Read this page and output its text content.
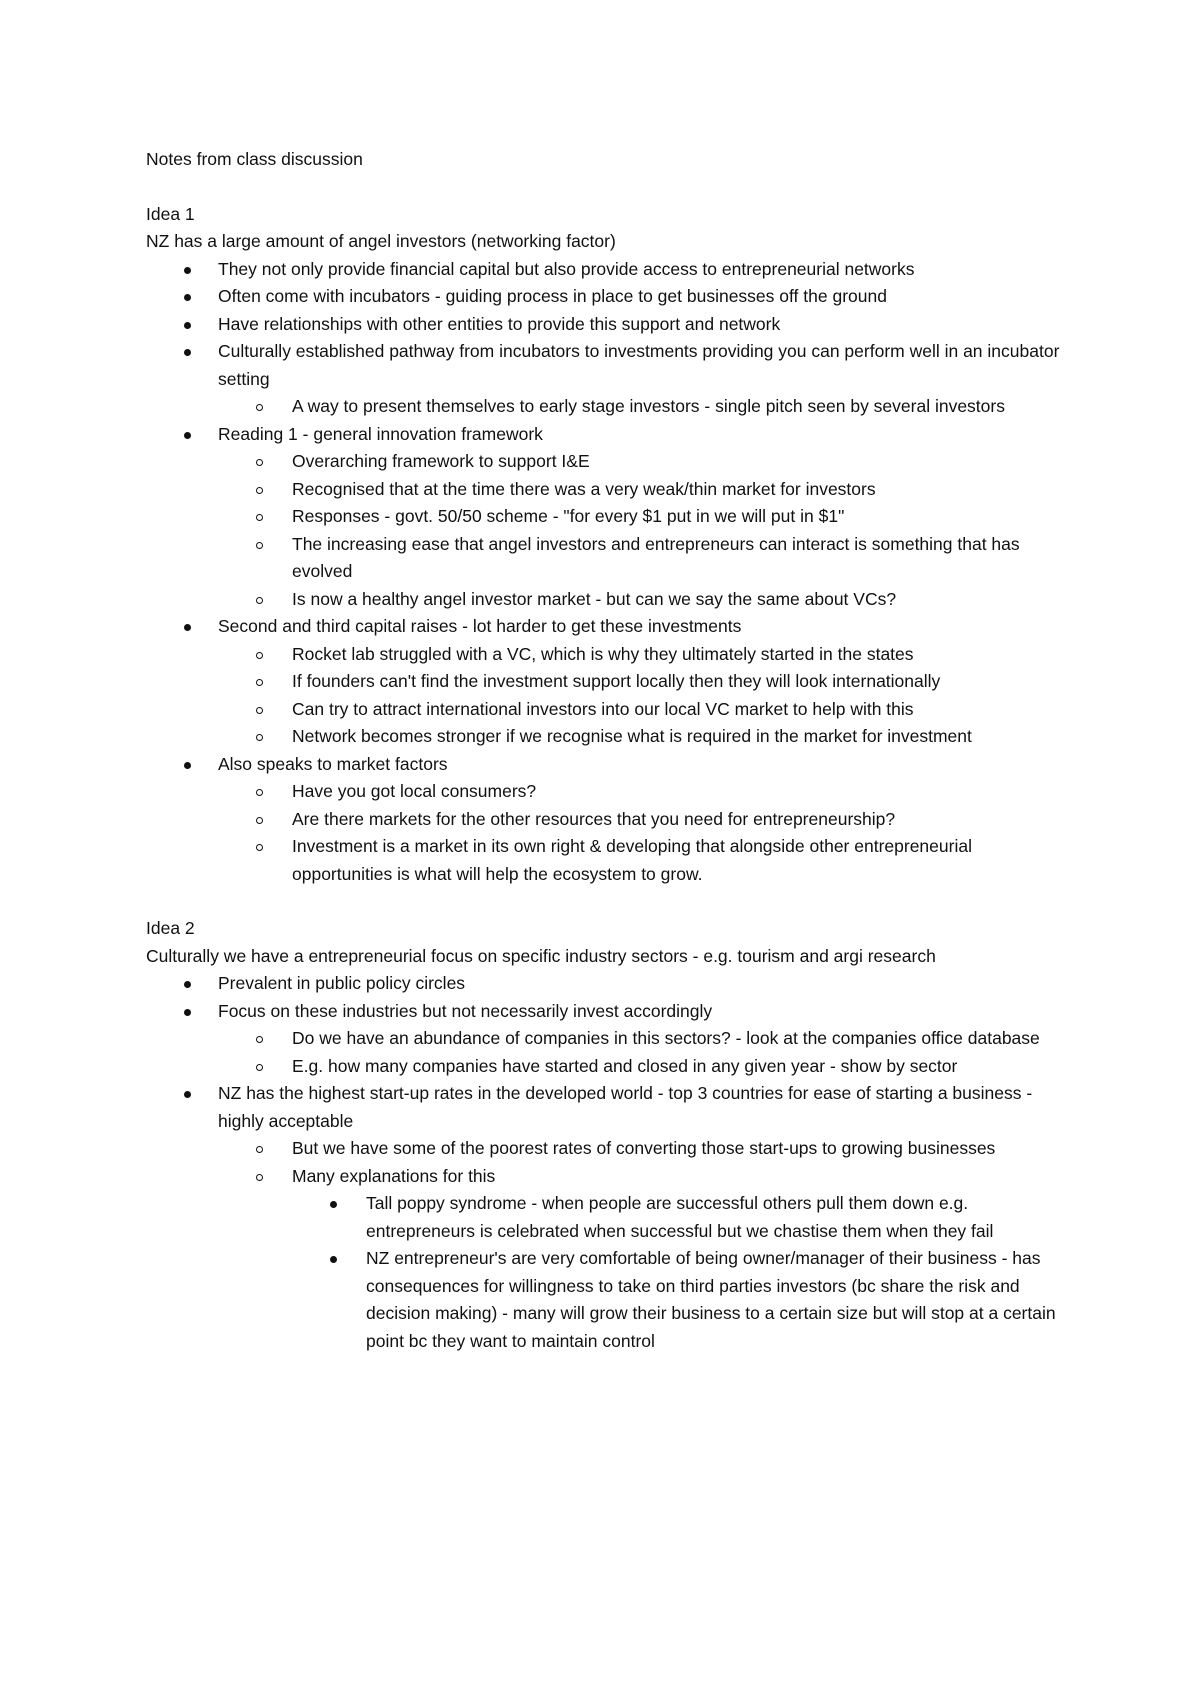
Notes from class discussion

Idea 1

NZ has a large amount of angel investors (networking factor)

They not only provide financial capital but also provide access to entrepreneurial networks
Often come with incubators - guiding process in place to get businesses off the ground
Have relationships with other entities to provide this support and network
Culturally established pathway from incubators to investments providing you can perform well in an incubator setting
A way to present themselves to early stage investors - single pitch seen by several investors
Reading 1 - general innovation framework
Overarching framework to support I&E
Recognised that at the time there was a very weak/thin market for investors
Responses - govt. 50/50 scheme - "for every $1 put in we will put in $1"
The increasing ease that angel investors and entrepreneurs can interact is something that has evolved
Is now a healthy angel investor market - but can we say the same about VCs?
Second and third capital raises - lot harder to get these investments
Rocket lab struggled with a VC, which is why they ultimately started in the states
If founders can't find the investment support locally then they will look internationally
Can try to attract international investors into our local VC market to help with this
Network becomes stronger if we recognise what is required in the market for investment
Also speaks to market factors
Have you got local consumers?
Are there markets for the other resources that you need for entrepreneurship?
Investment is a market in its own right & developing that alongside other entrepreneurial opportunities is what will help the ecosystem to grow.

Idea 2

Culturally we have a entrepreneurial focus on specific industry sectors - e.g. tourism and argi research

Prevalent in public policy circles
Focus on these industries but not necessarily invest accordingly
Do we have an abundance of companies in this sectors? - look at the companies office database
E.g. how many companies have started and closed in any given year - show by sector
NZ has the highest start-up rates in the developed world - top 3 countries for ease of starting a business - highly acceptable
But we have some of the poorest rates of converting those start-ups to growing businesses
Many explanations for this
Tall poppy syndrome - when people are successful others pull them down e.g. entrepreneurs is celebrated when successful but we chastise them when they fail
NZ entrepreneur's are very comfortable of being owner/manager of their business - has consequences for willingness to take on third parties investors (bc share the risk and decision making) - many will grow their business to a certain size but will stop at a certain point bc they want to maintain control
